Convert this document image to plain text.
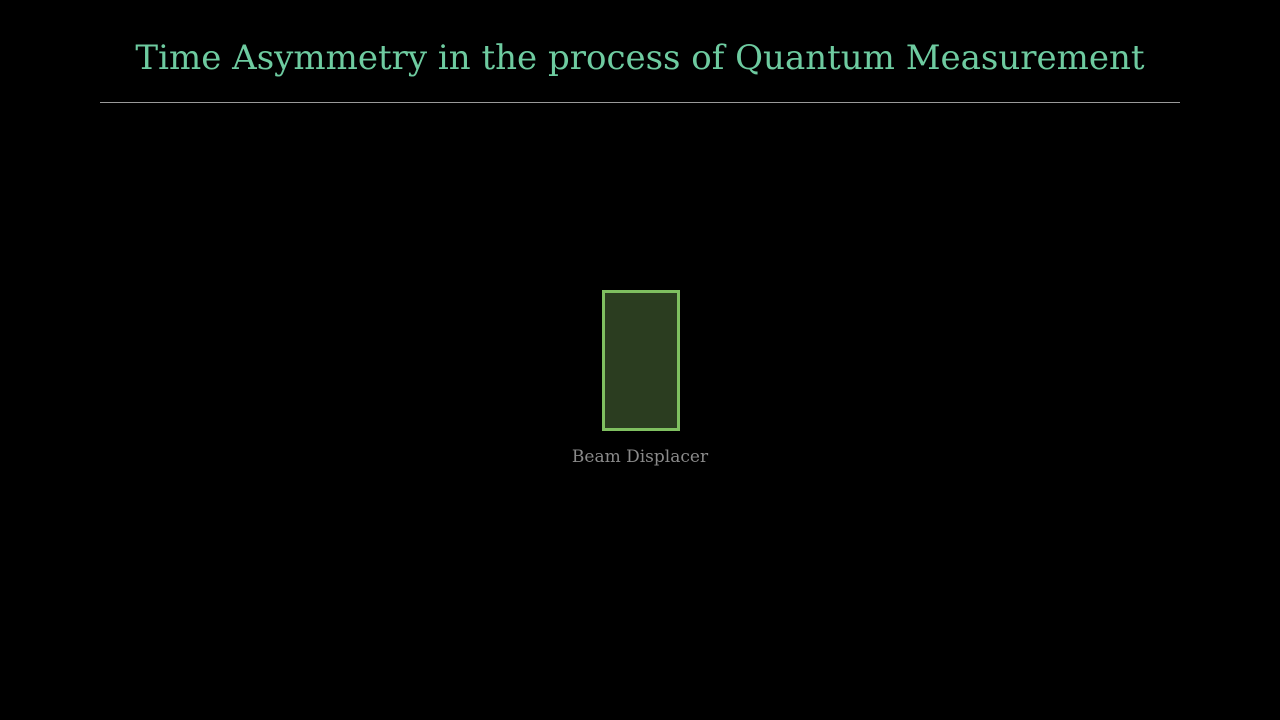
Time Asymmetry in the process of Quantum Measurement
Beam Displacer
